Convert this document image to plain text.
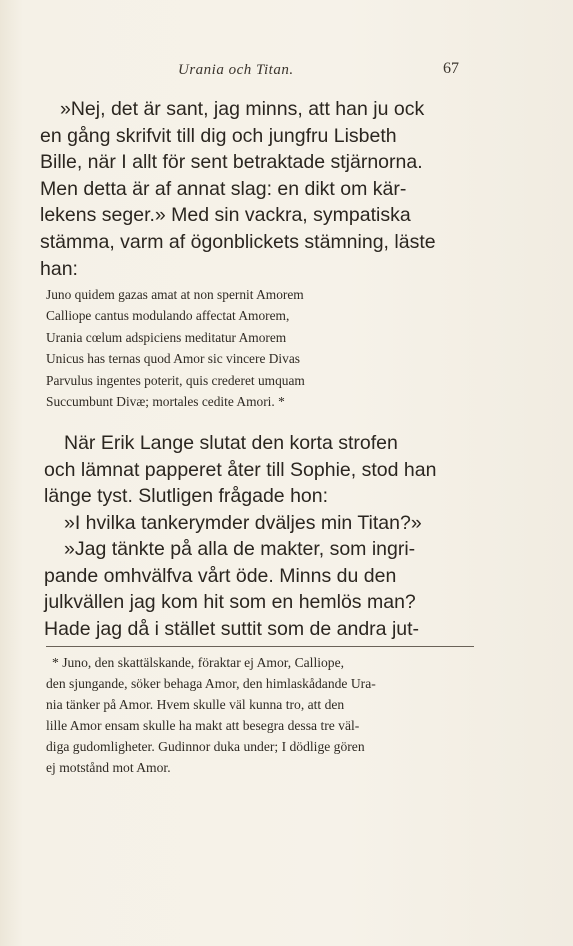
Urania och Titan.	67
»Nej, det är sant, jag minns, att han ju ock
en gång skrifvit till dig och jungfru Lisbeth
Bille, när I allt för sent betraktade stjärnorna.
Men detta är af annat slag: en dikt om kär-
lekens seger.» Med sin vackra, sympatiska
stämma, varm af ögonblickets stämning, läste
han:
Juno quidem gazas amat at non spernit Amorem
Calliope cantus modulando affectat Amorem,
Urania cœlum adspiciens meditatur Amorem
Unicus has ternas quod Amor sic vincere Divas
Parvulus ingentes poterit, quis crederet umquam
Succumbunt Divæ; mortales cedite Amori. *
När Erik Lange slutat den korta strofen
och lämnat papperet åter till Sophie, stod han
länge tyst. Slutligen frågade hon:
»I hvilka tankerymder dväljes min Titan?»
»Jag tänkte på alla de makter, som ingri-
pande omhvälfva vårt öde. Minns du den
julkvällen jag kom hit som en hemlös man?
Hade jag då i stället suttit som de andra jut-
* Juno, den skattälskande, föraktar ej Amor, Calliope,
den sjungande, söker behaga Amor, den himlaskådande Ura-
nia tänker på Amor. Hvem skulle väl kunna tro, att den
lille Amor ensam skulle ha makt att besegra dessa tre väl-
diga gudomligheter. Gudinnor duka under; I dödlige gören
ej motstånd mot Amor.
